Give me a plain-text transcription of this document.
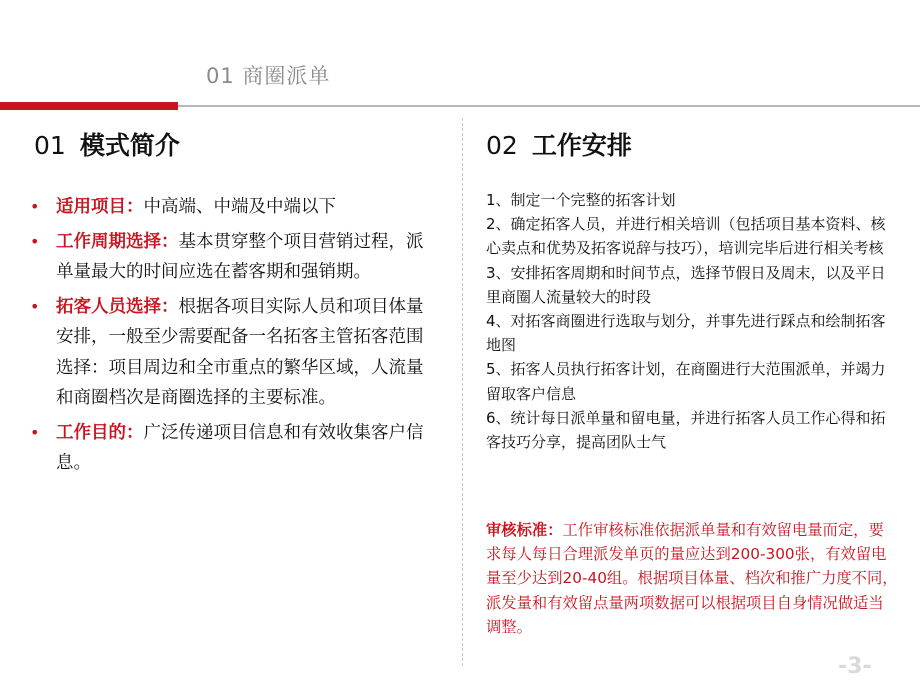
01 商圈派单
01 模式简介
• 适用项目：中高端、中端及中端以下
• 工作周期选择：基本贯穿整个项目营销过程，派单量最大的时间应选在蓄客期和强销期。
• 拓客人员选择：根据各项目实际人员和项目体量安排，一般至少需要配备一名拓客主管拓客范围选择：项目周边和全市重点的繁华区域，人流量和商圈档次是商圈选择的主要标准。
• 工作目的：广泛传递项目信息和有效收集客户信息。
02 工作安排

1、制定一个完整的拓客计划

2、确定拓客人员，并进行相关培训（包括项目基本资料、核心卖点和优势及拓客说辞与技巧），培训完毕后进行相关考核

3、安排拓客周期和时间节点，选择节假日及周末，以及平日里商圈人流量较大的时段

4、对拓客商圈进行选取与划分，并事先进行踩点和绘制拓客地图

5、拓客人员执行拓客计划，在商圈进行大范围派单，并竭力留取客户信息

6、统计每日派单量和留电量，并进行拓客人员工作心得和拓客技巧分享，提高团队士气

审核标准：工作审核标准依据派单量和有效留电量而定，要求每人每日合理派发单页的量应达到200-300张，有效留电量至少达到20-40组。根据项目体量、档次和推广力度不同，派发量和有效留点量两项数据可以根据项目自身情况做适当调整。
-3-
